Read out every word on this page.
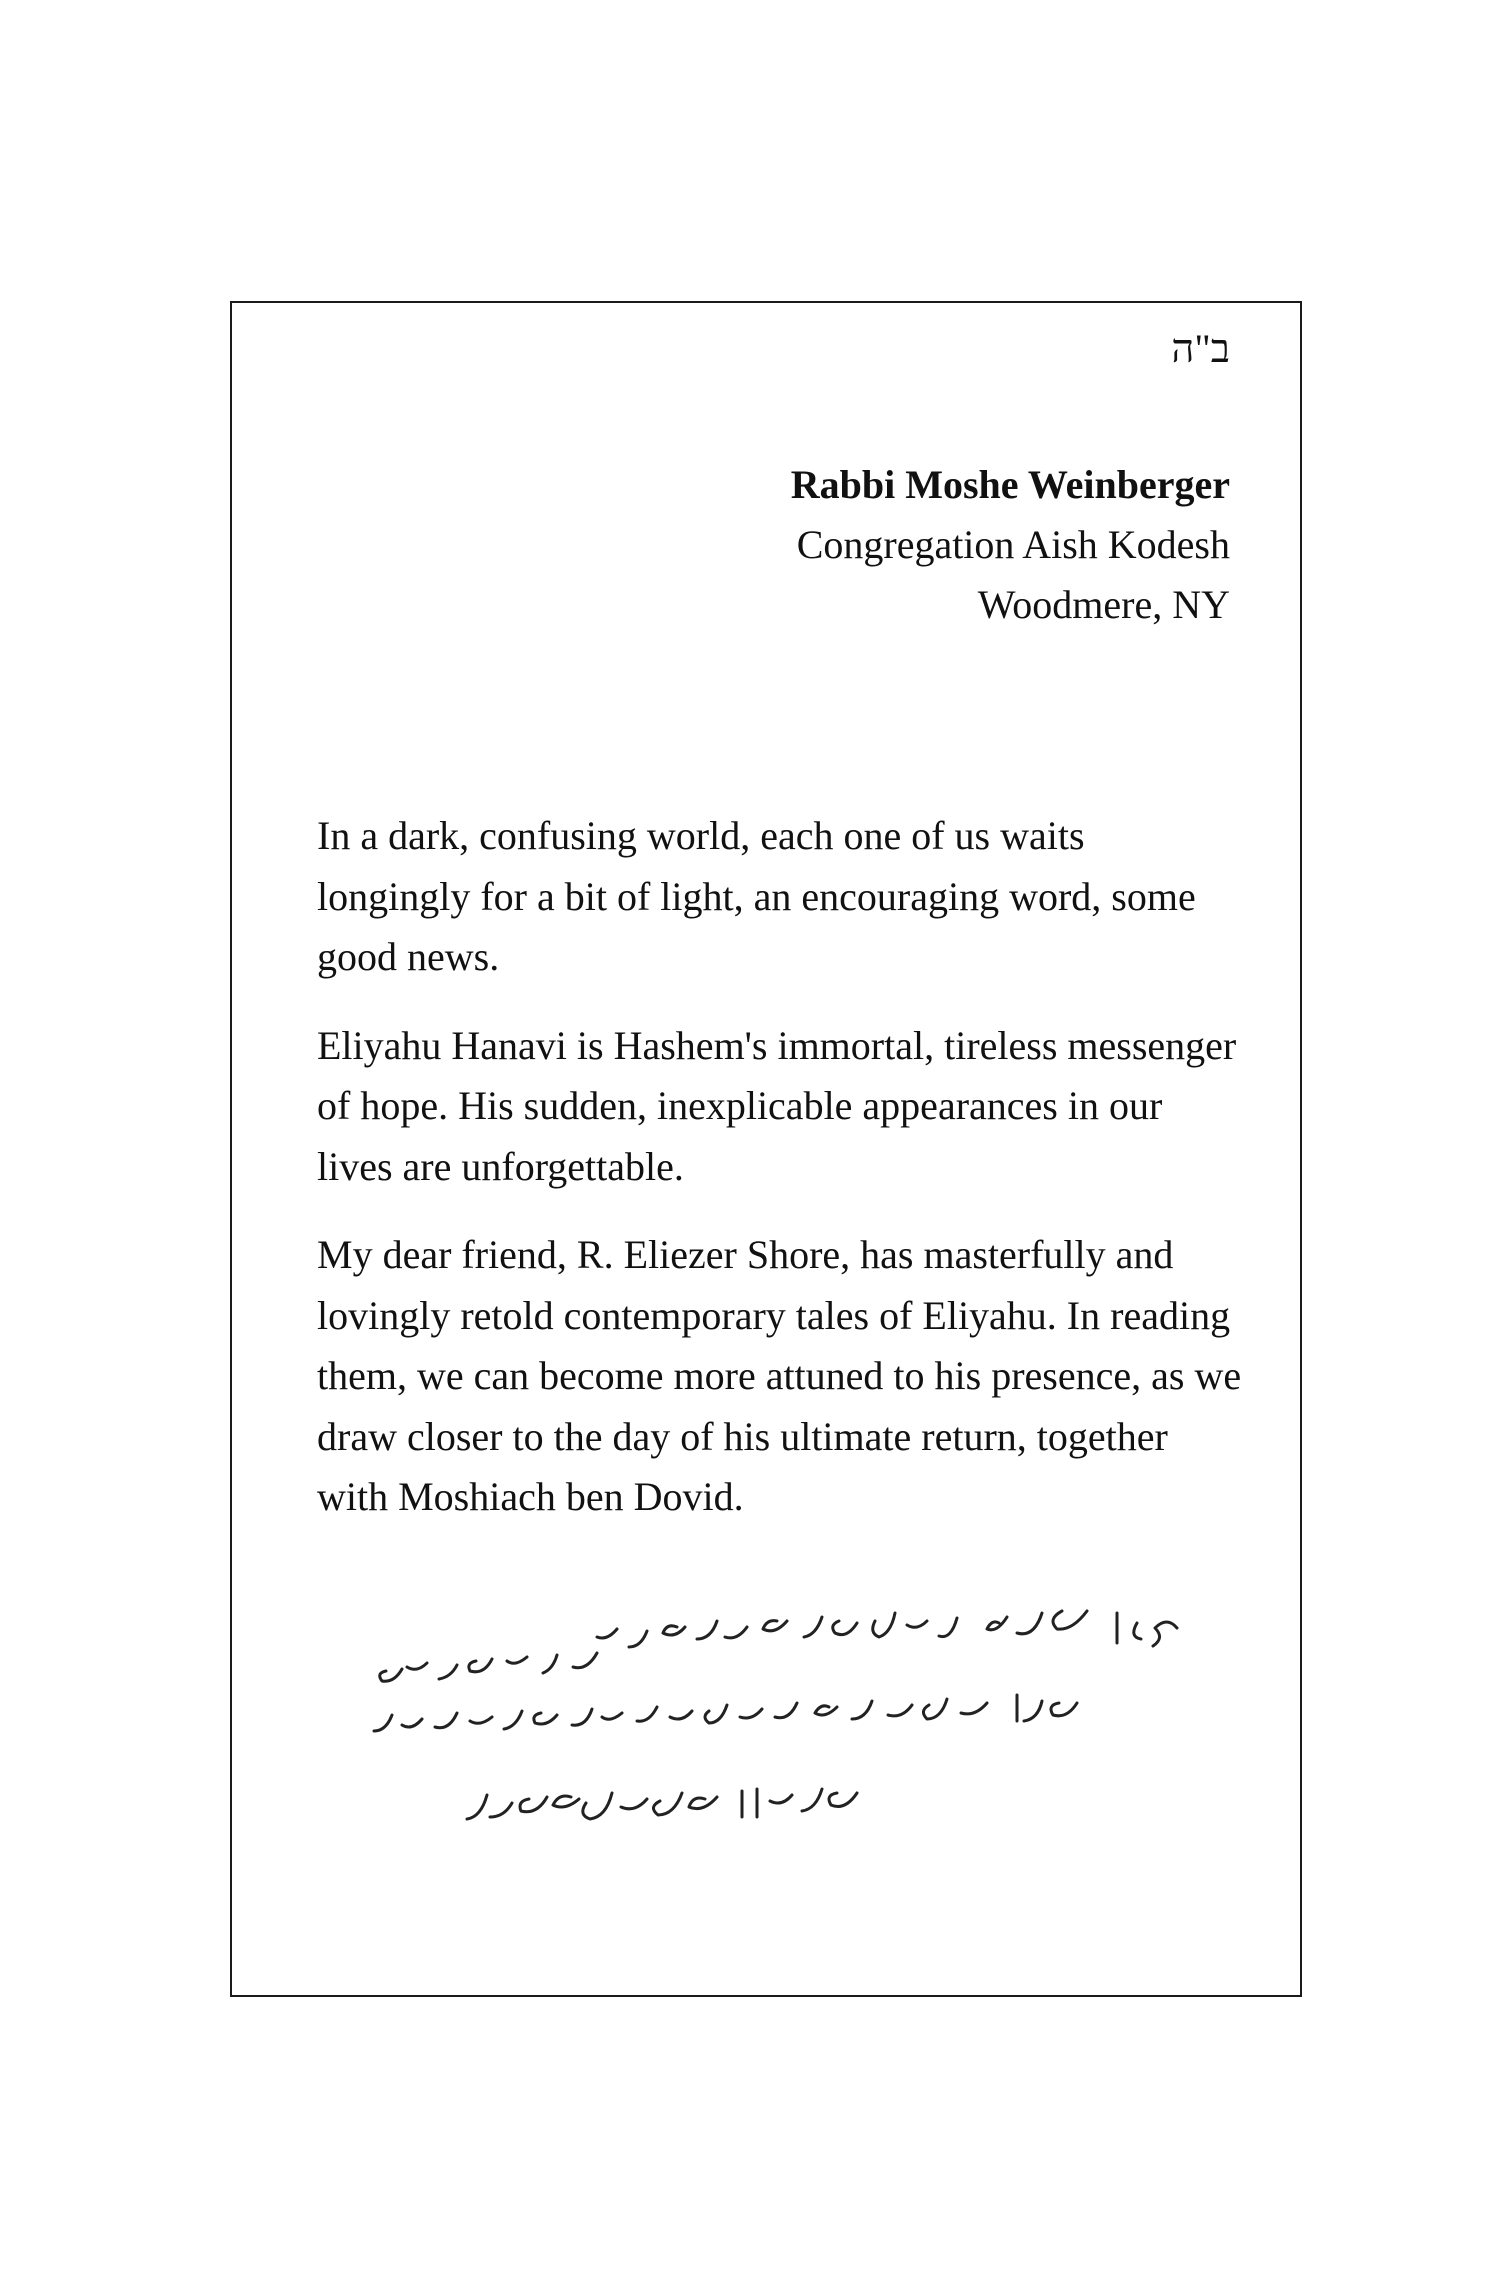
ב"ה
Rabbi Moshe Weinberger
Congregation Aish Kodesh
Woodmere, NY

In a dark, confusing world, each one of us waits longingly for a bit of light, an encouraging word, some good news.

Eliyahu Hanavi is Hashem's immortal, tireless messenger of hope. His sudden, inexplicable appearances in our lives are unforgettable.

My dear friend, R. Eliezer Shore, has masterfully and lovingly retold contemporary tales of Eliyahu. In reading them, we can become more attuned to his presence, as we draw closer to the day of his ultimate return, together with Moshiach ben Dovid.
